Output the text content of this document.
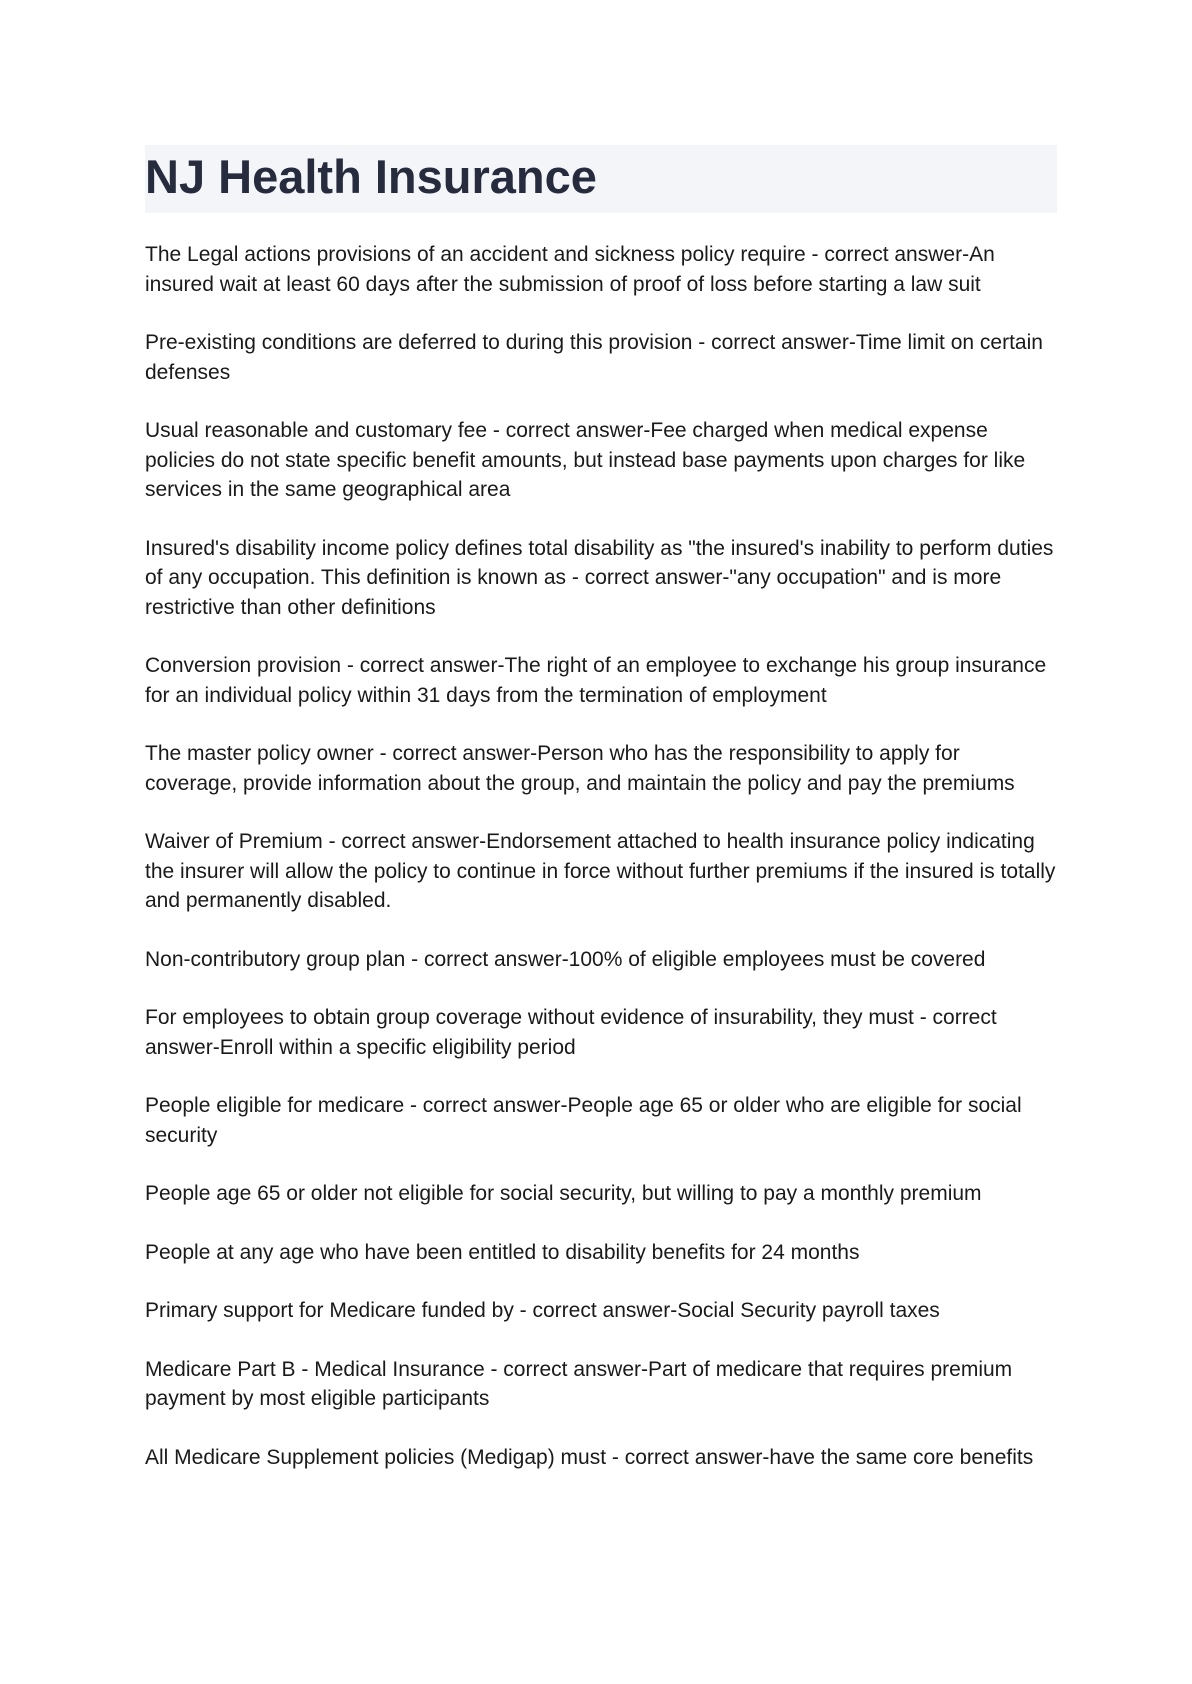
NJ Health Insurance

The Legal actions provisions of an accident and sickness policy require - correct answer-An insured wait at least 60 days after the submission of proof of loss before starting a law suit

Pre-existing conditions are deferred to during this provision - correct answer-Time limit on certain defenses

Usual reasonable and customary fee - correct answer-Fee charged when medical expense policies do not state specific benefit amounts, but instead base payments upon charges for like services in the same geographical area

Insured's disability income policy defines total disability as "the insured's inability to perform duties of any occupation. This definition is known as - correct answer-"any occupation" and is more restrictive than other definitions

Conversion provision - correct answer-The right of an employee to exchange his group insurance for an individual policy within 31 days from the termination of employment

The master policy owner - correct answer-Person who has the responsibility to apply for coverage, provide information about the group, and maintain the policy and pay the premiums

Waiver of Premium - correct answer-Endorsement attached to health insurance policy indicating the insurer will allow the policy to continue in force without further premiums if the insured is totally and permanently disabled.

Non-contributory group plan - correct answer-100% of eligible employees must be covered

For employees to obtain group coverage without evidence of insurability, they must - correct answer-Enroll within a specific eligibility period

People eligible for medicare - correct answer-People age 65 or older who are eligible for social security

People age 65 or older not eligible for social security, but willing to pay a monthly premium

People at any age who have been entitled to disability benefits for 24 months

Primary support for Medicare funded by - correct answer-Social Security payroll taxes

Medicare Part B - Medical Insurance - correct answer-Part of medicare that requires premium payment by most eligible participants

All Medicare Supplement policies (Medigap) must - correct answer-have the same core benefits
